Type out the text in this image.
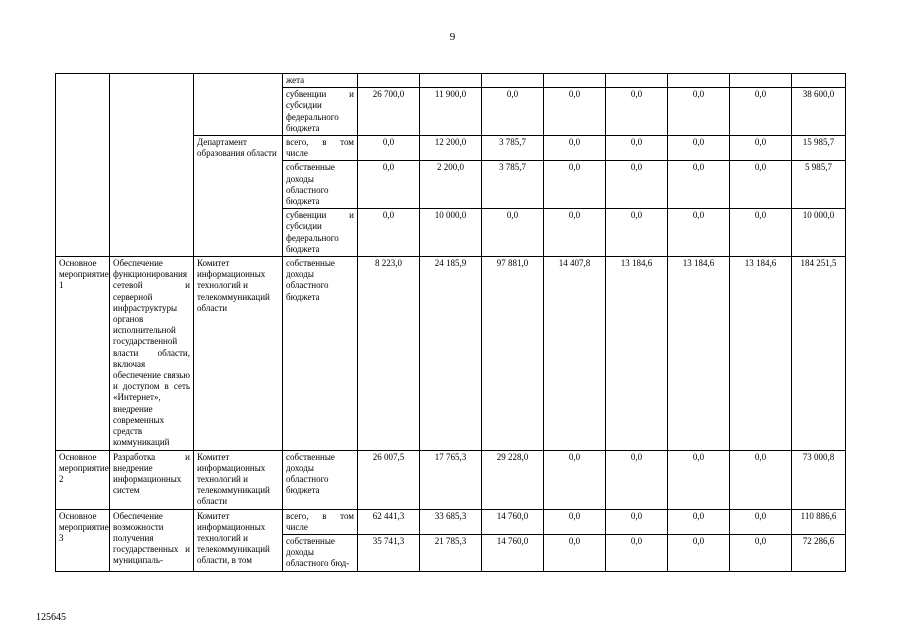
9
			жета								
			субвенции и субсидии федерального бюджета	26 700,0	11 900,0	0,0	0,0	0,0	0,0	0,0	38 600,0
		Департамент образования области	всего, в том числе	0,0	12 200,0	3 785,7	0,0	0,0	0,0	0,0	15 985,7
			собственные доходы областного бюджета	0,0	2 200,0	3 785,7	0,0	0,0	0,0	0,0	5 985,7
			субвенции и субсидии федерального бюджета	0,0	10 000,0	0,0	0,0	0,0	0,0	0,0	10 000,0
Основное мероприятие 1	Обеспечение функционирования сетевой и серверной инфраструктуры органов исполнительной государственной власти области, включая обеспечение связью и доступом в сеть «Интернет», внедрение современных средств коммуникаций	Комитет информационных технологий и телекоммуникаций области	собственные доходы областного бюджета	8 223,0	24 185,9	97 881,0	14 407,8	13 184,6	13 184,6	13 184,6	184 251,5
Основное мероприятие 2	Разработка и внедрение информационных систем	Комитет информационных технологий и телекоммуникаций области	собственные доходы областного бюджета	26 007,5	17 765,3	29 228,0	0,0	0,0	0,0	0,0	73 000,8
Основное мероприятие 3	Обеспечение возможности получения государственных и муниципаль-	Комитет информационных технологий и телекоммуникаций области, в том	всего, в том числе	62 441,3	33 685,3	14 760,0	0,0	0,0	0,0	0,0	110 886,6
			собственные доходы областного бюд-	35 741,3	21 785,3	14 760,0	0,0	0,0	0,0	0,0	72 286,6
125645
